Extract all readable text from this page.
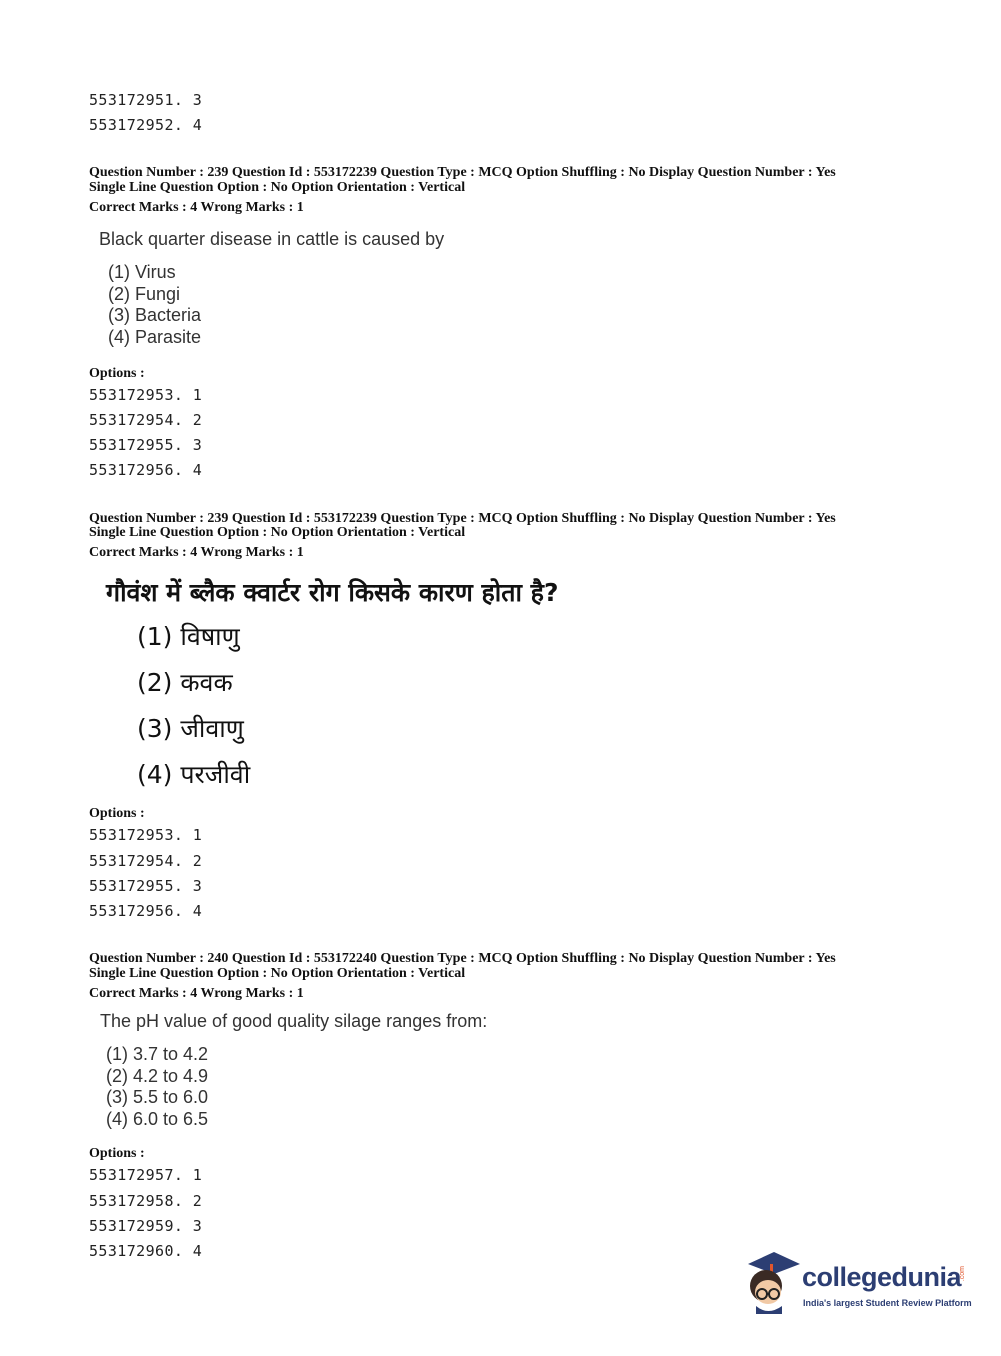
553172951. 3
553172952. 4
Question Number : 239 Question Id : 553172239 Question Type : MCQ Option Shuffling : No Display Question Number : Yes
Single Line Question Option : No Option Orientation : Vertical
Correct Marks : 4 Wrong Marks : 1
Black quarter disease in cattle is caused by
(1) Virus
(2) Fungi
(3) Bacteria
(4) Parasite
Options :
553172953. 1
553172954. 2
553172955. 3
553172956. 4
Question Number : 239 Question Id : 553172239 Question Type : MCQ Option Shuffling : No Display Question Number : Yes
Single Line Question Option : No Option Orientation : Vertical
Correct Marks : 4 Wrong Marks : 1
गौवंश में ब्लैक क्वार्टर रोग किसके कारण होता है?
(1) विषाणु
(2) कवक
(3) जीवाणु
(4) परजीवी
Options :
553172953. 1
553172954. 2
553172955. 3
553172956. 4
Question Number : 240 Question Id : 553172240 Question Type : MCQ Option Shuffling : No Display Question Number : Yes
Single Line Question Option : No Option Orientation : Vertical
Correct Marks : 4 Wrong Marks : 1
The pH value of good quality silage ranges from:
(1) 3.7 to 4.2
(2) 4.2 to 4.9
(3) 5.5 to 6.0
(4) 6.0 to 6.5
Options :
553172957. 1
553172958. 2
553172959. 3
553172960. 4
collegedunia
.com
India's largest Student Review Platform
